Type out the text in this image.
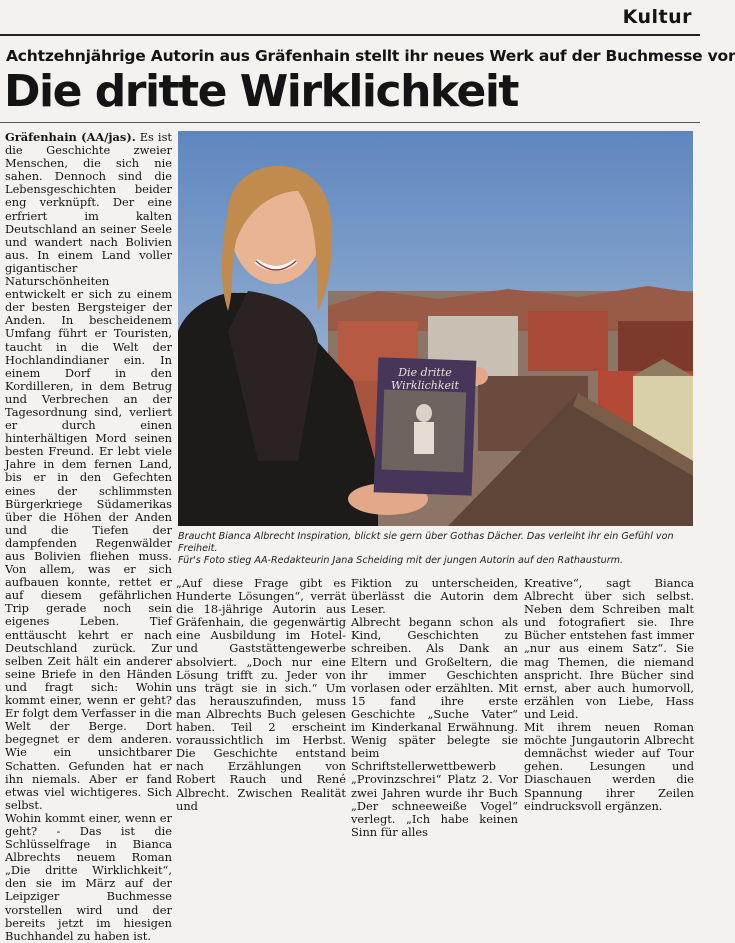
Kultur
Achtzehnjährige Autorin aus Gräfenhain stellt ihr neues Werk auf der Buchmesse vor
Die dritte Wirklichkeit

Gräfenhain (AA/jas). Es ist die Geschichte zweier Menschen, die sich nie sahen. Dennoch sind die Lebensgeschichten beider eng verknüpft. Der eine erfriert im kalten Deutschland an seiner Seele und wandert nach Bolivien aus. In einem Land voller gigantischer Naturschönheiten entwickelt er sich zu einem der besten Bergsteiger der Anden. In bescheidenem Umfang führt er Touristen, taucht in die Welt der Hochlandindianer ein. In einem Dorf in den Kordilleren, in dem Betrug und Verbrechen an der Tagesordnung sind, verliert er durch einen hinterhältigen Mord seinen besten Freund. Er lebt viele Jahre in dem fernen Land, bis er in den Gefechten eines der schlimmsten Bürgerkriege Südamerikas über die Höhen der Anden und die Tiefen der dampfenden Regenwälder aus Bolivien fliehen muss. Von allem, was er sich aufbauen konnte, rettet er auf diesem gefährlichen Trip gerade noch sein eigenes Leben. Tief enttäuscht kehrt er nach Deutschland zurück. Zur selben Zeit hält ein anderer seine Briefe in den Händen und fragt sich: Wohin kommt einer, wenn er geht? Er folgt dem Verfasser in die Welt der Berge. Dort begegnet er dem anderen. Wie ein unsichtbarer Schatten. Gefunden hat er ihn niemals. Aber er fand etwas viel wichtigeres. Sich selbst.

Wohin kommt einer, wenn er geht? - Das ist die Schlüsselfrage in Bianca Albrechts neuem Roman „Die dritte Wirklichkeit“, den sie im März auf der Leipziger Buchmesse vorstellen wird und der bereits jetzt im hiesigen Buchhandel zu haben ist.

Die dritte
Wirklichkeit

Braucht Bianca Albrecht Inspiration, blickt sie gern über Gothas Dächer. Das verleiht ihr ein Gefühl von Freiheit.

Für's Foto stieg AA-Redakteurin Jana Scheiding mit der jungen Autorin auf den Rathausturm.

„Auf diese Frage gibt es Hunderte Lösungen“, verrät die 18-jährige Autorin aus Gräfenhain, die gegenwärtig eine Ausbildung im Hotel- und Gaststättengewerbe absolviert. „Doch nur eine Lösung trifft zu. Jeder von uns trägt sie in sich.“ Um das herauszufinden, muss man Albrechts Buch gelesen haben. Teil 2 erscheint voraussichtlich im Herbst. Die Geschichte entstand nach Erzählungen von Robert Rauch und René Albrecht. Zwischen Realität und

Fiktion zu unterscheiden, überlässt die Autorin dem Leser.

Albrecht begann schon als Kind, Geschichten zu schreiben. Als Dank an Eltern und Großeltern, die ihr immer Geschichten vorlasen oder erzählten. Mit 15 fand ihre erste Geschichte „Suche Vater“ im Kinderkanal Erwähnung. Wenig später belegte sie beim Schriftstellerwettbewerb „Provinzschrei“ Platz 2. Vor zwei Jahren wurde ihr Buch „Der schneeweiße Vogel“ verlegt. „Ich habe keinen Sinn für alles

Kreative“, sagt Bianca Albrecht über sich selbst. Neben dem Schreiben malt und fotografiert sie. Ihre Bücher entstehen fast immer „nur aus einem Satz“. Sie mag Themen, die niemand anspricht. Ihre Bücher sind ernst, aber auch humorvoll, erzählen von Liebe, Hass und Leid.

Mit ihrem neuen Roman möchte Jungautorin Albrecht demnächst wieder auf Tour gehen. Lesungen und Diaschauen werden die Spannung ihrer Zeilen eindrucksvoll ergänzen.
